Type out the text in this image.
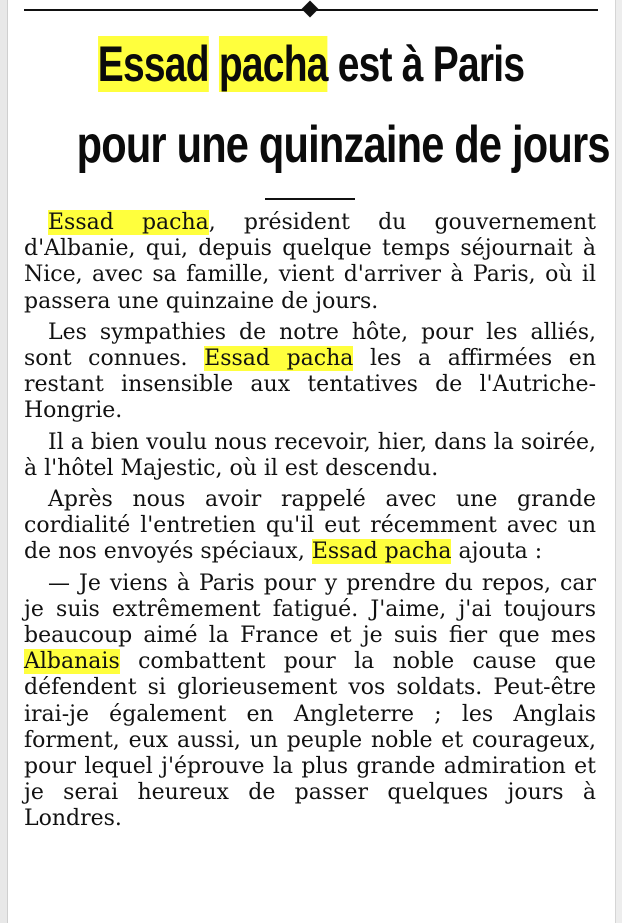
Essad pacha est à Paris
pour une quinzaine de jours

Essad pacha, président du gouvernement d'Albanie, qui, depuis quelque temps séjournait à Nice, avec sa famille, vient d'arriver à Paris, où il passera une quinzaine de jours.

Les sympathies de notre hôte, pour les alliés, sont connues. Essad pacha les a affirmées en restant insensible aux tentatives de l'Autriche-Hongrie.

Il a bien voulu nous recevoir, hier, dans la soirée, à l'hôtel Majestic, où il est descendu.

Après nous avoir rappelé avec une grande cordialité l'entretien qu'il eut récemment avec un de nos envoyés spéciaux, Essad pacha ajouta :

— Je viens à Paris pour y prendre du repos, car je suis extrêmement fatigué. J'aime, j'ai toujours beaucoup aimé la France et je suis fier que mes Albanais combattent pour la noble cause que défendent si glorieusement vos soldats. Peut-être irai-je également en Angleterre ; les Anglais forment, eux aussi, un peuple noble et courageux, pour lequel j'éprouve la plus grande admiration et je serai heureux de passer quelques jours à Londres.
